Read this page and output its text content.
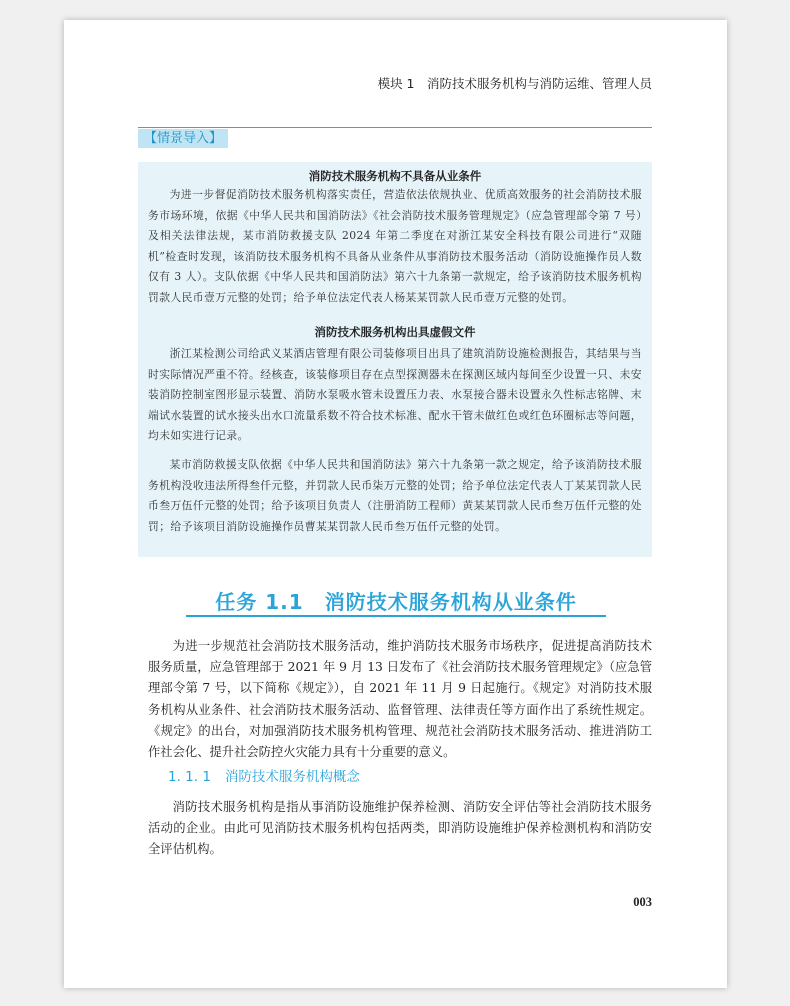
模块 1　消防技术服务机构与消防运维、管理人员
【情景导入】
消防技术服务机构不具备从业条件

为进一步督促消防技术服务机构落实责任，营造依法依规执业、优质高效服务的社会消防技术服务市场环境，依据《中华人民共和国消防法》《社会消防技术服务管理规定》（应急管理部令第 7 号）及相关法律法规，某市消防救援支队 2024 年第二季度在对浙江某安全科技有限公司进行“双随机”检查时发现，该消防技术服务机构不具备从业条件从事消防技术服务活动（消防设施操作员人数仅有 3 人）。支队依据《中华人民共和国消防法》第六十九条第一款规定，给予该消防技术服务机构罚款人民币壹万元整的处罚；给予单位法定代表人杨某某罚款人民币壹万元整的处罚。

消防技术服务机构出具虚假文件

浙江某检测公司给武义某酒店管理有限公司装修项目出具了建筑消防设施检测报告，其结果与当时实际情况严重不符。经核查，该装修项目存在点型探测器未在探测区域内每间至少设置一只、未安装消防控制室图形显示装置、消防水泵吸水管未设置压力表、水泵接合器未设置永久性标志铭牌、末端试水装置的试水接头出水口流量系数不符合技术标准、配水干管未做红色或红色环圈标志等问题，均未如实进行记录。

某市消防救援支队依据《中华人民共和国消防法》第六十九条第一款之规定，给予该消防技术服务机构没收违法所得叁仟元整，并罚款人民币柒万元整的处罚；给予单位法定代表人丁某某罚款人民币叁万伍仟元整的处罚；给予该项目负责人（注册消防工程师）黄某某罚款人民币叁万伍仟元整的处罚；给予该项目消防设施操作员曹某某罚款人民币叁万伍仟元整的处罚。

任务 1.1　消防技术服务机构从业条件

为进一步规范社会消防技术服务活动，维护消防技术服务市场秩序，促进提高消防技术服务质量，应急管理部于 2021 年 9 月 13 日发布了《社会消防技术服务管理规定》（应急管理部令第 7 号，以下简称《规定》），自 2021 年 11 月 9 日起施行。《规定》对消防技术服务机构从业条件、社会消防技术服务活动、监督管理、法律责任等方面作出了系统性规定。《规定》的出台，对加强消防技术服务机构管理、规范社会消防技术服务活动、推进消防工作社会化、提升社会防控火灾能力具有十分重要的意义。

1. 1. 1 消防技术服务机构概念

消防技术服务机构是指从事消防设施维护保养检测、消防安全评估等社会消防技术服务活动的企业。由此可见消防技术服务机构包括两类，即消防设施维护保养检测机构和消防安全评估机构。

003
